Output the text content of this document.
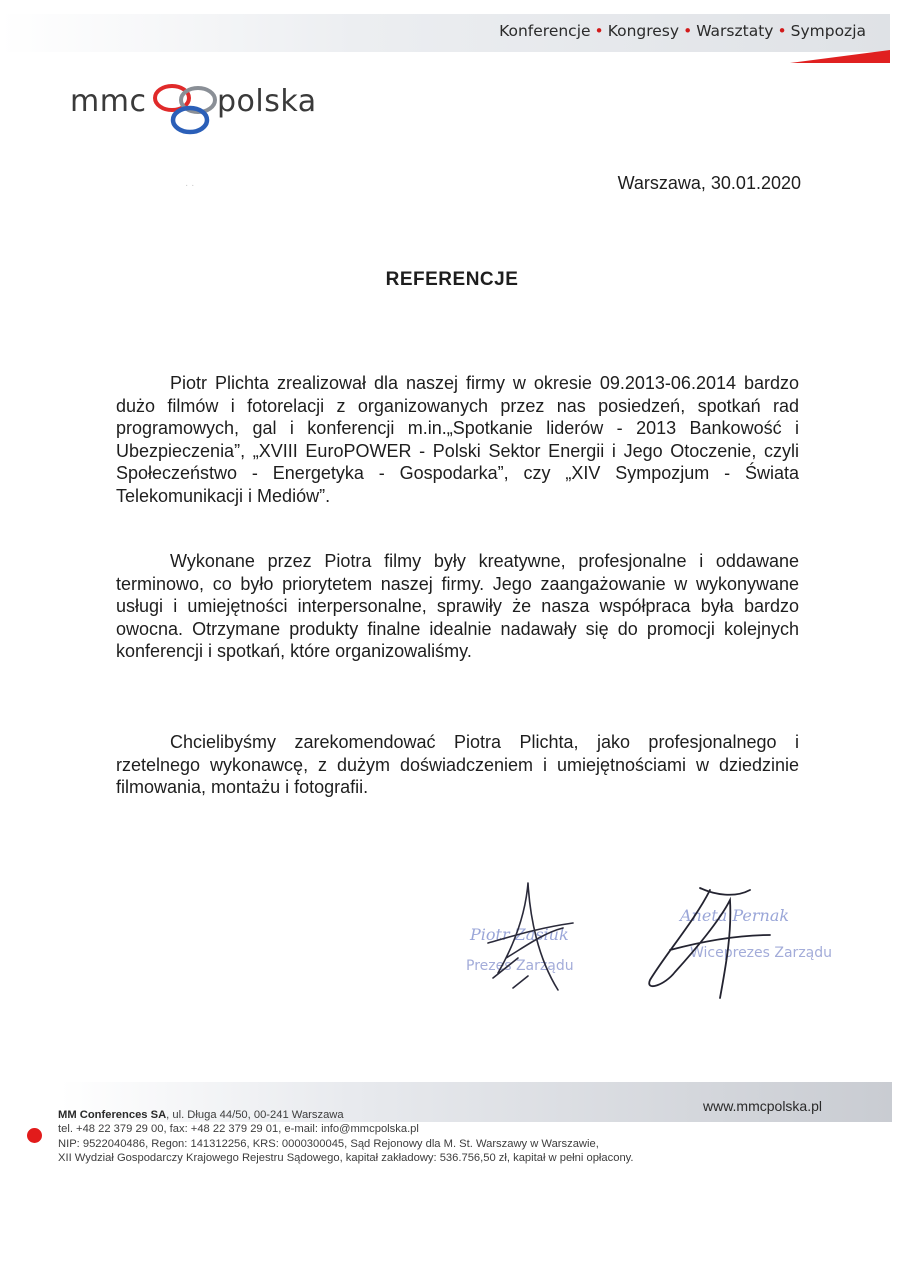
Konferencje • Kongresy • Warsztaty • Sympozja
mmc polska
· ·	Warszawa, 30.01.2020
REFERENCJE
Piotr Plichta zrealizował dla naszej firmy w okresie 09.2013-06.2014 bardzo dużo filmów i fotorelacji z organizowanych przez nas posiedzeń, spotkań rad programowych, gal i konferencji m.in.„Spotkanie liderów - 2013 Bankowość i Ubezpieczenia”, „XVIII EuroPOWER - Polski Sektor Energii i Jego Otoczenie, czyli Społeczeństwo - Energetyka - Gospodarka”, czy „XIV Sympozjum - Świata Telekomunikacji i Mediów”.
Wykonane przez Piotra filmy były kreatywne, profesjonalne i oddawane terminowo, co było priorytetem naszej firmy. Jego zaangażowanie w wykonywane usługi i umiejętności interpersonalne, sprawiły że nasza współpraca była bardzo owocna. Otrzymane produkty finalne idealnie nadawały się do promocji kolejnych konferencji i spotkań, które organizowaliśmy.
Chcielibyśmy zarekomendować Piotra Plichta, jako profesjonalnego i rzetelnego wykonawcę, z dużym doświadczeniem i umiejętnościami w dziedzinie filmowania, montażu i fotografii.
Piotr Zasiuk
Prezes Zarządu
Aneta Pernak
Wiceprezes Zarządu
www.mmcpolska.pl
MM Conferences SA, ul. Długa 44/50, 00-241 Warszawa
tel. +48 22 379 29 00, fax: +48 22 379 29 01, e-mail: info@mmcpolska.pl
NIP: 9522040486, Regon: 141312256, KRS: 0000300045, Sąd Rejonowy dla M. St. Warszawy w Warszawie,
XII Wydział Gospodarczy Krajowego Rejestru Sądowego, kapitał zakładowy: 536.756,50 zł, kapitał w pełni opłacony.
